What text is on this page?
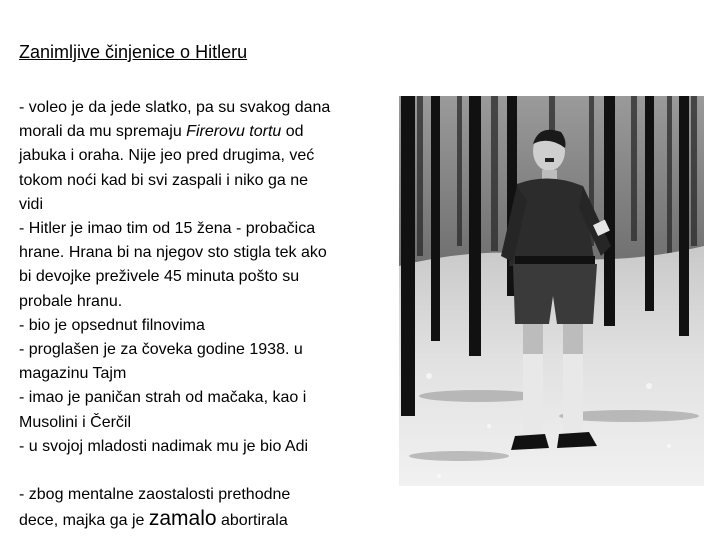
Zanimljive činjenice o Hitleru
- voleo je da jede slatko, pa su svakog dana
morali da mu spremaju Firerovu tortu od
jabuka i oraha. Nije jeo pred drugima, već
tokom noći kad bi svi zaspali i niko ga ne
vidi
- Hitler je imao tim od 15 žena - probačica
hrane. Hrana bi na njegov sto stigla tek ako
bi devojke preživele 45 minuta pošto su
probale hranu.
- bio je opsednut filnovima
- proglašen je za čoveka godine 1938. u
magazinu Tajm
- imao je paničan strah od mačaka, kao i
Musolini i Čerčil
- u svojoj mladosti nadimak mu je bio Adi
- zbog mentalne zaostalosti prethodne
dece, majka ga je zamalo abortirala
